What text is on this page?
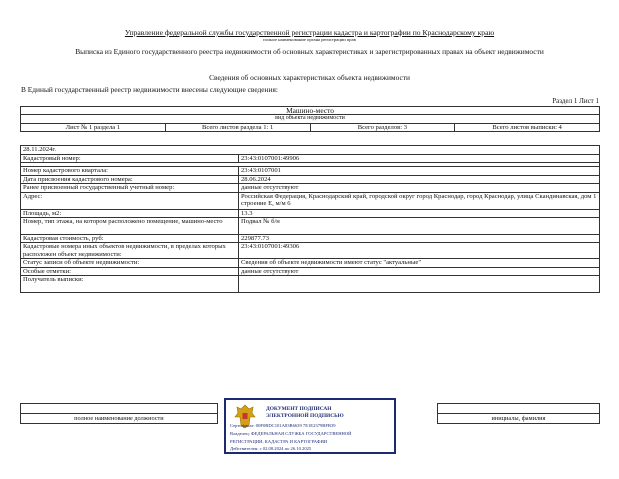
Управление федеральной службы государственной регистрации кадастра и картографии по Краснодарскому краю
полное наименование органа регистрации прав
Выписка из Единого государственного реестра недвижимости об основных характеристиках и зарегистрированных правах на объект недвижимости
Сведения об основных характеристиках объекта недвижимости
В Единый государственный реестр недвижимости внесены следующие сведения:
Раздел 1 Лист 1
Машино-место
вид объекта недвижимости
Лист № 1 раздела 1	Всего листов раздела 1: 1	Всего разделов: 3	Всего листов выписки: 4
28.11.2024г.	
Кадастровый номер:	23:43:0107001:49906

Номер кадастрового квартала:	23:43:0107001
Дата присвоения кадастрового номера:	28.06.2024
Ранее присвоенный государственный учетный номер:	данные отсутствуют
Адрес:	Российская Федерация, Краснодарский край, городской округ город Краснодар, город Краснодар, улица Скандинавская, дом 1 строение Е, м/м 6
Площадь, м2:	13.3
Номер, тип этажа, на котором расположено помещение, машино-место	Подвал № б/н
Кадастровая стоимость, руб:	229877.73
Кадастровые номера иных объектов недвижимости, в пределах которых расположен объект недвижимости:	23:43:0107001:49306
Статус записи об объекте недвижимости:	Сведения об объекте недвижимости имеют статус "актуальные"
Особые отметки:	данные отсутствуют
Получатель выписки:	

полное наименование должности		инициалы, фамилия
ДОКУМЕНТ ПОДПИСАН
ЭЛЕКТРОННОЙ ПОДПИСЬЮ
Сертификат: 00F0BDC101A83B6639 7E1E2379BFB39
Владелец: ФЕДЕРАЛЬНАЯ СЛУЖБА ГОСУДАРСТВЕННОЙ
РЕГИСТРАЦИИ, КАДАСТРА И КАРТОГРАФИИ
Действителен: с 02.08.2024 по 26.10.2025
